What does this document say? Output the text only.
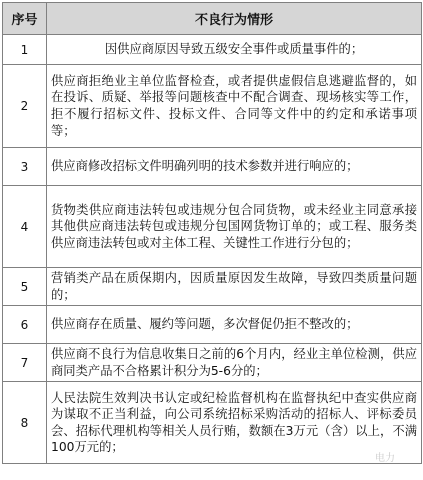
序号	不良行为情形
1	因供应商原因导致五级安全事件或质量事件的；
2	供应商拒绝业主单位监督检查，或者提供虚假信息逃避监督的，如在投诉、质疑、举报等问题核查中不配合调查、现场核实等工作，拒不履行招标文件、投标文件、合同等文件中的约定和承诺事项等；
3	供应商修改招标文件明确列明的技术参数并进行响应的；
4	货物类供应商违法转包或违规分包合同货物，或未经业主同意承接其他供应商违法转包或违规分包国网货物订单的；或工程、服务类供应商违法转包或对主体工程、关键性工作进行分包的；
5	营销类产品在质保期内，因质量原因发生故障，导致四类质量问题的；
6	供应商存在质量、履约等问题，多次督促仍拒不整改的；
7	供应商不良行为信息收集日之前的6个月内，经业主单位检测，供应商同类产品不合格累计积分为5-6分的；
8	人民法院生效判决书认定或纪检监督机构在监督执纪中查实供应商为谋取不正当利益，向公司系统招标采购活动的招标人、评标委员会、招标代理机构等相关人员行贿，数额在3万元（含）以上，不满100万元的；
电力
